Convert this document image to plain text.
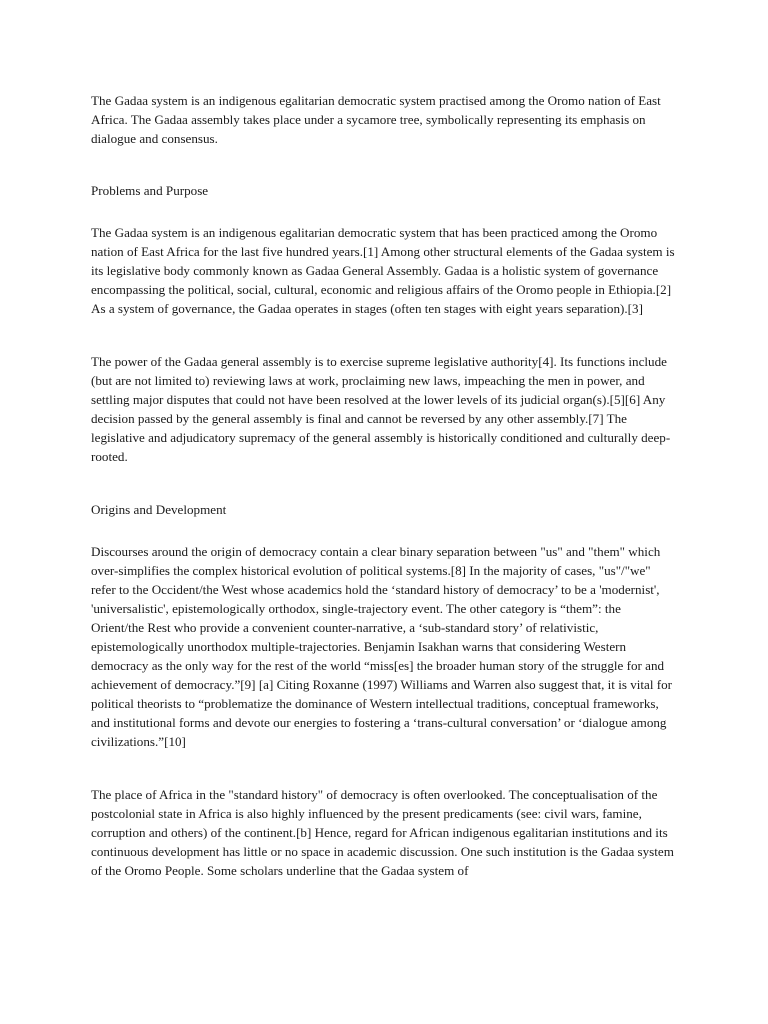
The Gadaa system is an indigenous egalitarian democratic system practised among the Oromo nation of East Africa. The Gadaa assembly takes place under a sycamore tree, symbolically representing its emphasis on dialogue and consensus.

Problems and Purpose

The Gadaa system is an indigenous egalitarian democratic system that has been practiced among the Oromo nation of East Africa for the last five hundred years.[1] Among other structural elements of the Gadaa system is its legislative body commonly known as Gadaa General Assembly. Gadaa is a holistic system of governance encompassing the political, social, cultural, economic and religious affairs of the Oromo people in Ethiopia.[2] As a system of governance, the Gadaa operates in stages (often ten stages with eight years separation).[3]

The power of the Gadaa general assembly is to exercise supreme legislative authority[4]. Its functions include (but are not limited to) reviewing laws at work, proclaiming new laws, impeaching the men in power, and settling major disputes that could not have been resolved at the lower levels of its judicial organ(s).[5][6] Any decision passed by the general assembly is final and cannot be reversed by any other assembly.[7] The legislative and adjudicatory supremacy of the general assembly is historically conditioned and culturally deep-rooted.

Origins and Development

Discourses around the origin of democracy contain a clear binary separation between "us" and "them" which over-simplifies the complex historical evolution of political systems.[8] In the majority of cases, "us"/"we" refer to the Occident/the West whose academics hold the ‘standard history of democracy’ to be a 'modernist', 'universalistic', epistemologically orthodox, single-trajectory event. The other category is “them”: the Orient/the Rest who provide a convenient counter-narrative, a ‘sub-standard story’ of relativistic, epistemologically unorthodox multiple-trajectories. Benjamin Isakhan warns that considering Western democracy as the only way for the rest of the world “miss[es] the broader human story of the struggle for and achievement of democracy.”[9] [a] Citing Roxanne (1997) Williams and Warren also suggest that, it is vital for political theorists to “problematize the dominance of Western intellectual traditions, conceptual frameworks, and institutional forms and devote our energies to fostering a ‘trans-cultural conversation’ or ‘dialogue among civilizations.”[10]

The place of Africa in the "standard history" of democracy is often overlooked. The conceptualisation of the postcolonial state in Africa is also highly influenced by the present predicaments (see: civil wars, famine, corruption and others) of the continent.[b] Hence, regard for African indigenous egalitarian institutions and its continuous development has little or no space in academic discussion. One such institution is the Gadaa system of the Oromo People. Some scholars underline that the Gadaa system of
